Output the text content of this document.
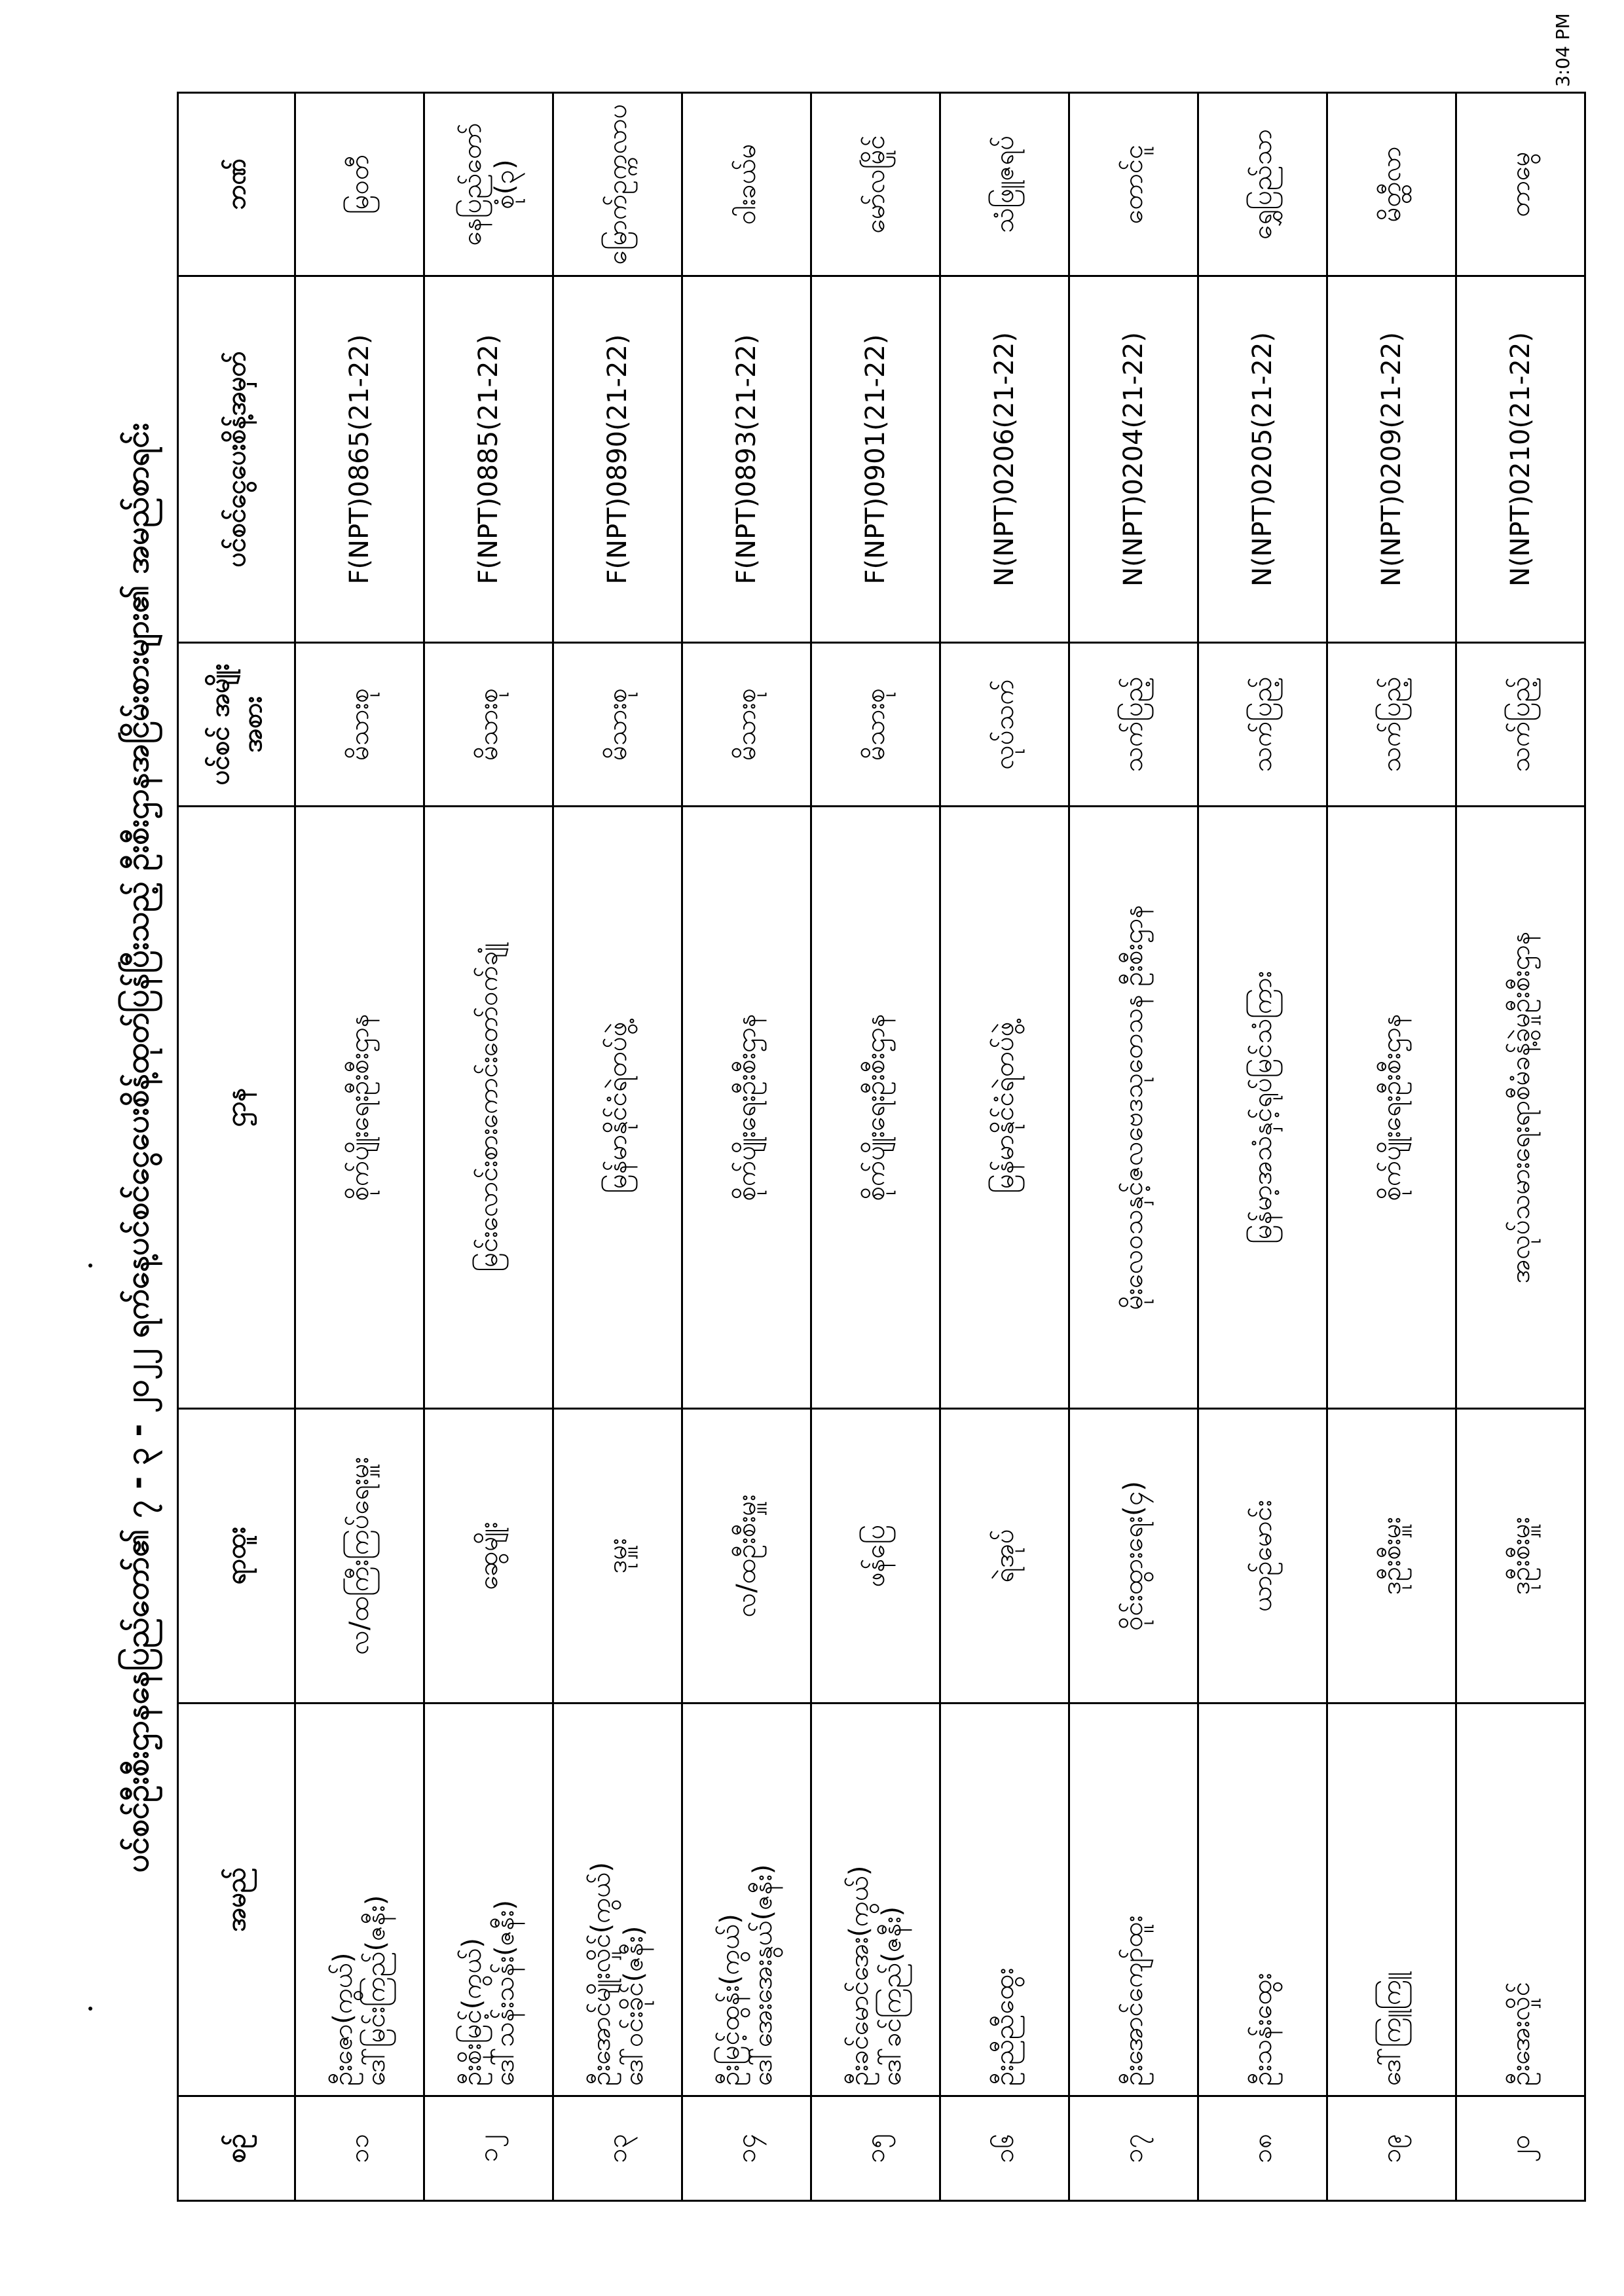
3:04 PM
ပင်စင်ဦးစီးဌာနနေပြည်တော်၏ ၇ - ၃ - ၂၀၂၂ ရက်နေ့ပင်စင်ငွေပေးစိန့်ထုတ်ပြန်ပြီးသည့် ဦးစီးဌာနအငြိမ်းစားများ၏ အမည်စာရင်း
စဉ်	အမည်	ရာထူး	ဌာန	ပင်စင် အမျိုးအစား	ပင်စင်ငွေပေးစိန့်အမှတ်	ဘဏ်
၁၁	ဦးဇော(ကွယ်) ဒေါ်မြင်းကြည်(ဇနီး)	လ/ထကြီးကြပ်ရေးမှူး	စိုက်ပျိုးရေးဦးစီးဌာန	မိသားစု	F(NPT)0865(21-22)	မြဝတီ
၁၂	ဦးစိုးမြင့်(ကွယ်) ဒေါ်သန်းသန်း(ဇနီး)	ဆွေမျိုး	မြင်းလောင်းစားကောင်းတော်ဝက်ချုံ	မိသားစု	F(NPT)0885(21-22)	နေပြည်တော်စုံ(၃)
၁၃	ဦးအောင်မျိုးလှိုင်(ကွယ်) ဒေါ်ဝင်းခိုင်(ဇနီး)	ဒုမှူး	မြန်မာနိုင်ငံရဲတပ်ဖွဲ့	မိသားစု	F(NPT)0890(21-22)	မြောက်ဥက္ကလာပ
၁၄	ဦးမြင့်ထွန်း(ကွယ်) ဒေါ်အေးအေးနွယ်(ဇနီး)	လ/ထဦးစီးမှူး	စိုက်ပျိုးရေးဦးစီးဌာန	မိသားစု	F(NPT)0893(21-22)	ဝါးခယ်မ
၁၅	ဦးခင်မောင်အေး(ကွယ်) ဒေါ်ခင်ကြည်(ဇနီး)	ဖန်ပြေ	စိုက်ပျိုးရေးဦးစီးဌာန	မိသားစု	F(NPT)0901(21-22)	မော်လမြိုင်
၁၆	ဦးညီညီထွေး	ရဲအုပ်	မြန်မာနိုင်ငံရဲတပ်ဖွဲ့	လုပ်သက်	N(NPT)0206(21-22)	သံဖြူဇရပ်
၁၇	ဦးအောင်ကျော်ထူး	ဝိုင်းထွားရေး(၄)	မိုးလေဝသနှင့်ဇလဗေဒသုတေသန ဦးစီးဌာန	သက်ပြည့်	N(NPT)0204(21-22)	တောင်ငူ
၁၈	ဦးသန်းထွေး	ယာဉ်မောင်း	မြန်မာ့အသံနှင့်ရုပ်မြင်သံကြား	သက်ပြည့်	N(NPT)0205(21-22)	ရွှေပြည်သာ
၁၉	ဒေါ်ကြူကြူ	ဒုဦးစီးမှူး	စိုက်ပျိုးရေးဦးစီးဌာန	သက်ပြည့်	N(NPT)0209(21-22)	မိတ္ထီလာ
၂၀	ဦးအေးလှိုင်	ဒုဦးစီးမှူး	အလုပ်သမားရေးရာစီမံခန့်ခွဲမှုဦးစီးဌာန	သက်ပြည့်	N(NPT)0210(21-22)	တာမွေ
